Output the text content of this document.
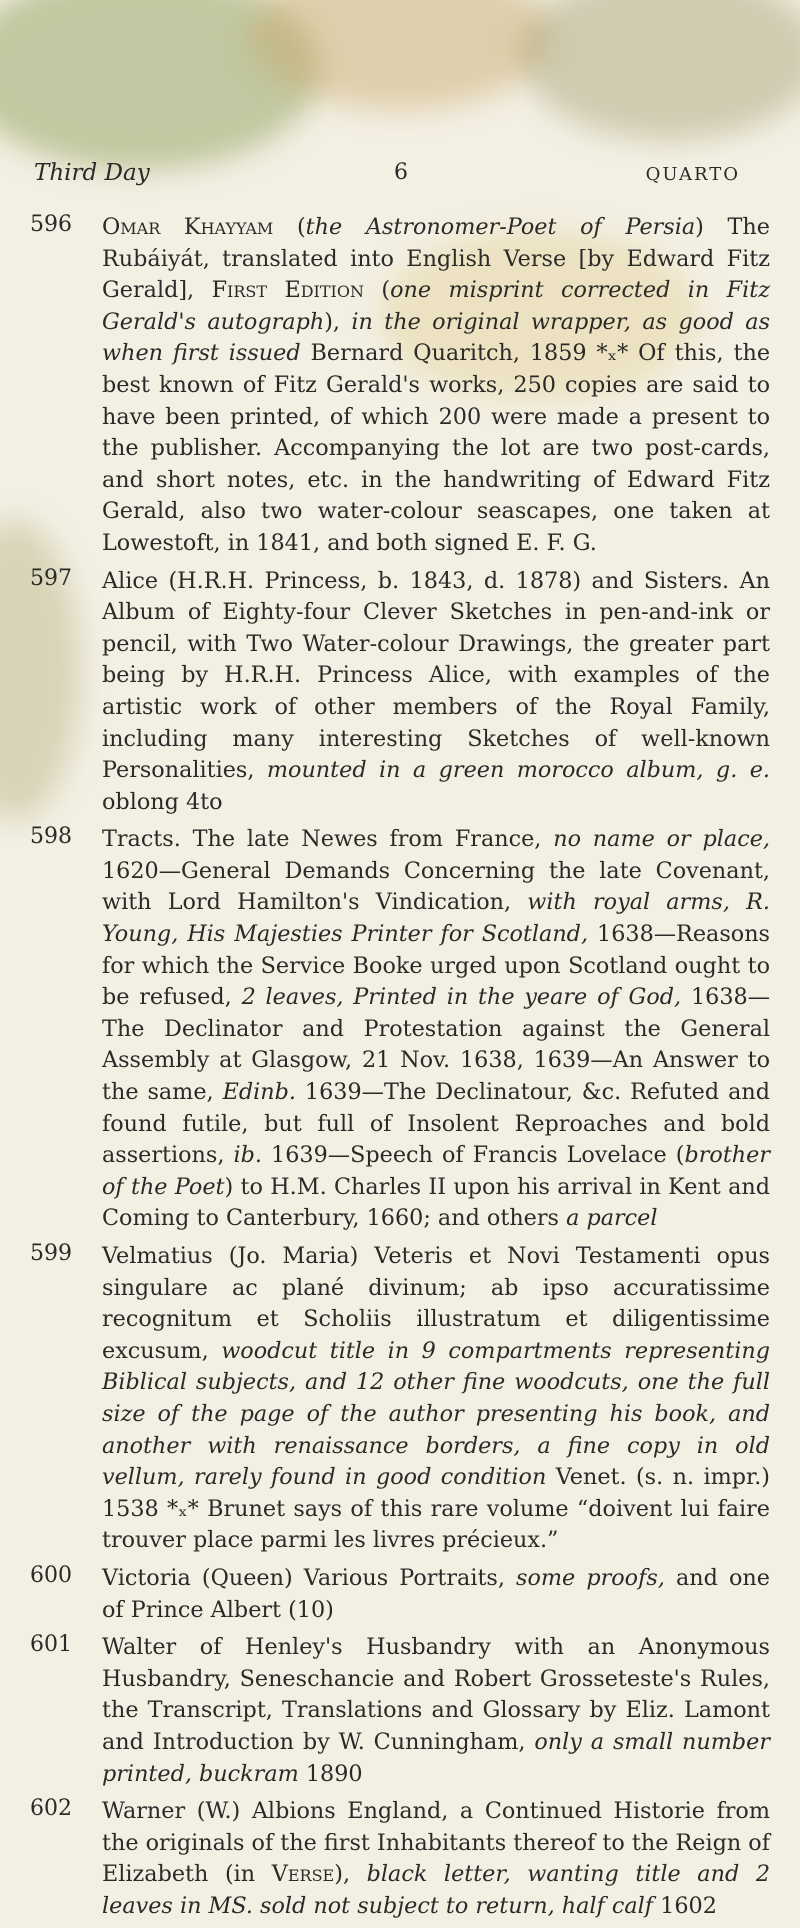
Third Day	6	QUARTO
596 Omar Khayyam (the Astronomer-Poet of Persia) The Rubáiyát, translated into English Verse [by Edward Fitz Gerald], First Edition (one misprint corrected in Fitz Gerald's autograph), in the original wrapper, as good as when first issued Bernard Quaritch, 1859 *ₓ* Of this, the best known of Fitz Gerald's works, 250 copies are said to have been printed, of which 200 were made a present to the publisher. Accompanying the lot are two post-cards, and short notes, etc. in the handwriting of Edward Fitz Gerald, also two water-colour seascapes, one taken at Lowestoft, in 1841, and both signed E. F. G.
597 Alice (H.R.H. Princess, b. 1843, d. 1878) and Sisters. An Album of Eighty-four Clever Sketches in pen-and-ink or pencil, with Two Water-colour Drawings, the greater part being by H.R.H. Princess Alice, with examples of the artistic work of other members of the Royal Family, including many interesting Sketches of well-known Personalities, mounted in a green morocco album, g. e. oblong 4to
598 Tracts. The late Newes from France, no name or place, 1620—General Demands Concerning the late Covenant, with Lord Hamilton's Vindication, with royal arms, R. Young, His Majesties Printer for Scotland, 1638—Reasons for which the Service Booke urged upon Scotland ought to be refused, 2 leaves, Printed in the yeare of God, 1638—The Declinator and Protestation against the General Assembly at Glasgow, 21 Nov. 1638, 1639—An Answer to the same, Edinb. 1639—The Declinatour, &c. Refuted and found futile, but full of Insolent Reproaches and bold assertions, ib. 1639—Speech of Francis Lovelace (brother of the Poet) to H.M. Charles II upon his arrival in Kent and Coming to Canterbury, 1660; and others a parcel
599 Velmatius (Jo. Maria) Veteris et Novi Testamenti opus singulare ac plané divinum; ab ipso accuratissime recognitum et Scholiis illustratum et diligentissime excusum, woodcut title in 9 compartments representing Biblical subjects, and 12 other fine woodcuts, one the full size of the page of the author presenting his book, and another with renaissance borders, a fine copy in old vellum, rarely found in good condition Venet. (s. n. impr.) 1538 *ₓ* Brunet says of this rare volume “doivent lui faire trouver place parmi les livres précieux.”
600 Victoria (Queen) Various Portraits, some proofs, and one of Prince Albert (10)
601 Walter of Henley's Husbandry with an Anonymous Husbandry, Seneschancie and Robert Grosseteste's Rules, the Transcript, Translations and Glossary by Eliz. Lamont and Introduction by W. Cunningham, only a small number printed, buckram 1890
602 Warner (W.) Albions England, a Continued Historie from the originals of the first Inhabitants thereof to the Reign of Elizabeth (in Verse), black letter, wanting title and 2 leaves in MS. sold not subject to return, half calf 1602
